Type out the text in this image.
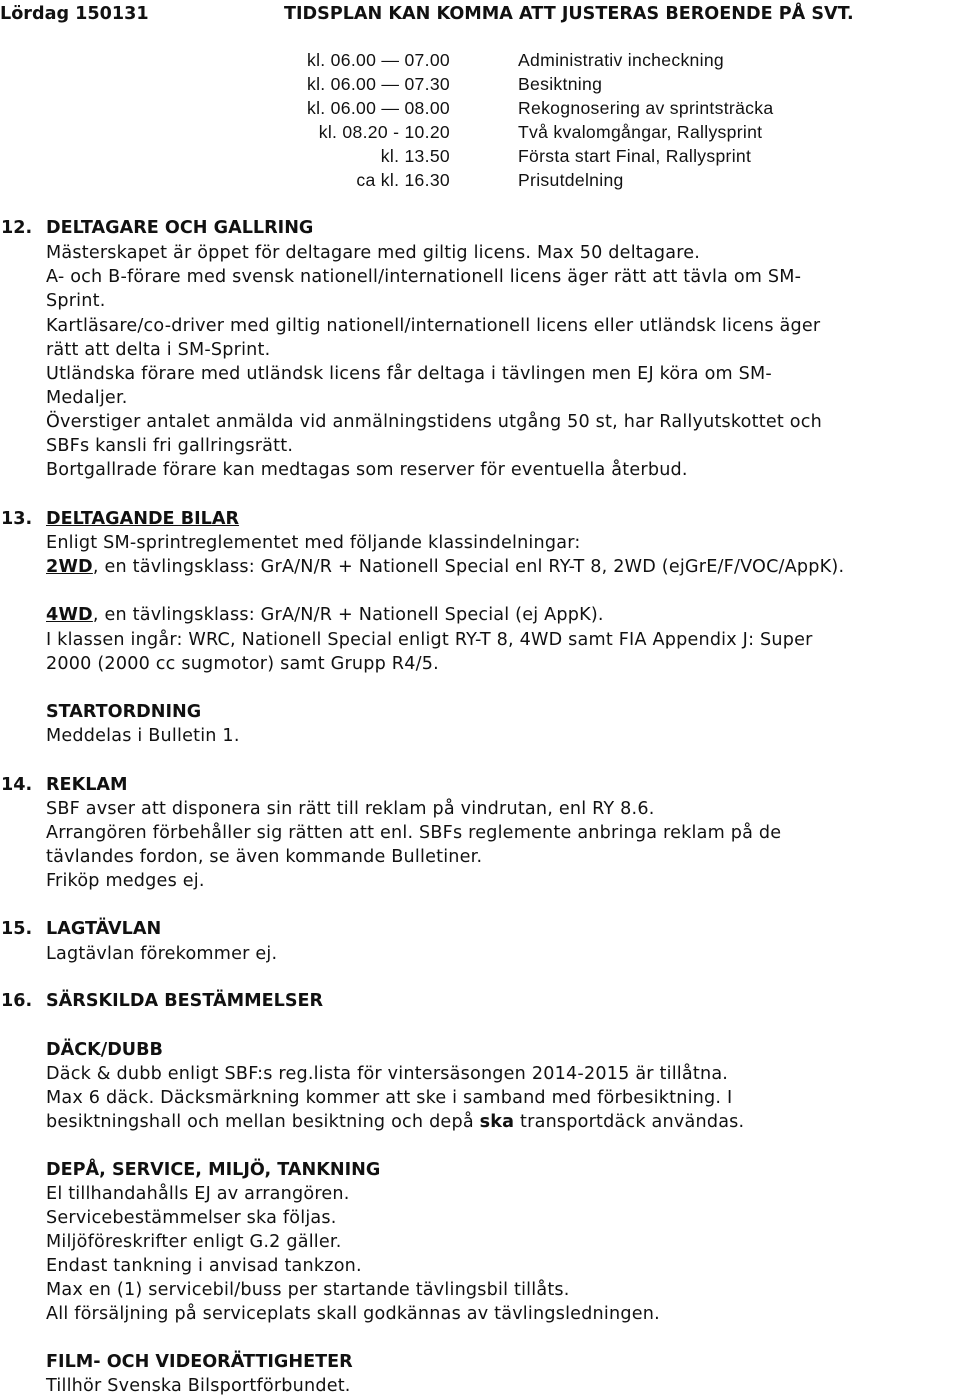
Lördag 150131	TIDSPLAN KAN KOMMA ATT JUSTERAS BEROENDE PÅ SVT.
kl. 06.00 — 07.00	Administrativ incheckning
kl. 06.00 — 07.30	Besiktning
kl. 06.00 — 08.00	Rekognosering av sprintsträcka
kl. 08.20 - 10.20	Två kvalomgångar, Rallysprint
kl. 13.50	Första start Final, Rallysprint
ca kl. 16.30	Prisutdelning
12. DELTAGARE OCH GALLRING
Mästerskapet är öppet för deltagare med giltig licens. Max 50 deltagare.
A- och B-förare med svensk nationell/internationell licens äger rätt att tävla om SM-
Sprint.
Kartläsare/co-driver med giltig nationell/internationell licens eller utländsk licens äger
rätt att delta i SM-Sprint.
Utländska förare med utländsk licens får deltaga i tävlingen men EJ köra om SM-
Medaljer.
Överstiger antalet anmälda vid anmälningstidens utgång 50 st, har Rallyutskottet och
SBFs kansli fri gallringsrätt.
Bortgallrade förare kan medtagas som reserver för eventuella återbud.
13. DELTAGANDE BILAR
Enligt SM-sprintreglementet med följande klassindelningar:
2WD, en tävlingsklass: GrA/N/R + Nationell Special enl RY-T 8, 2WD (ejGrE/F/VOC/AppK).
4WD, en tävlingsklass: GrA/N/R + Nationell Special (ej AppK).
I klassen ingår: WRC, Nationell Special enligt RY-T 8, 4WD samt FIA Appendix J: Super
2000 (2000 cc sugmotor) samt Grupp R4/5.
STARTORDNING
Meddelas i Bulletin 1.
14. REKLAM
SBF avser att disponera sin rätt till reklam på vindrutan, enl RY 8.6.
Arrangören förbehåller sig rätten att enl. SBFs reglemente anbringa reklam på de
tävlandes fordon, se även kommande Bulletiner.
Friköp medges ej.
15. LAGTÄVLAN
Lagtävlan förekommer ej.
16. SÄRSKILDA BESTÄMMELSER
DÄCK/DUBB
Däck & dubb enligt SBF:s reg.lista för vintersäsongen 2014-2015 är tillåtna.
Max 6 däck. Däcksmärkning kommer att ske i samband med förbesiktning. I
besiktningshall och mellan besiktning och depå ska transportdäck användas.
DEPÅ, SERVICE, MILJÖ, TANKNING
El tillhandahålls EJ av arrangören.
Servicebestämmelser ska följas.
Miljöföreskrifter enligt G.2 gäller.
Endast tankning i anvisad tankzon.
Max en (1) servicebil/buss per startande tävlingsbil tillåts.
All försäljning på serviceplats skall godkännas av tävlingsledningen.
FILM- OCH VIDEORÄTTIGHETER
Tillhör Svenska Bilsportförbundet.
